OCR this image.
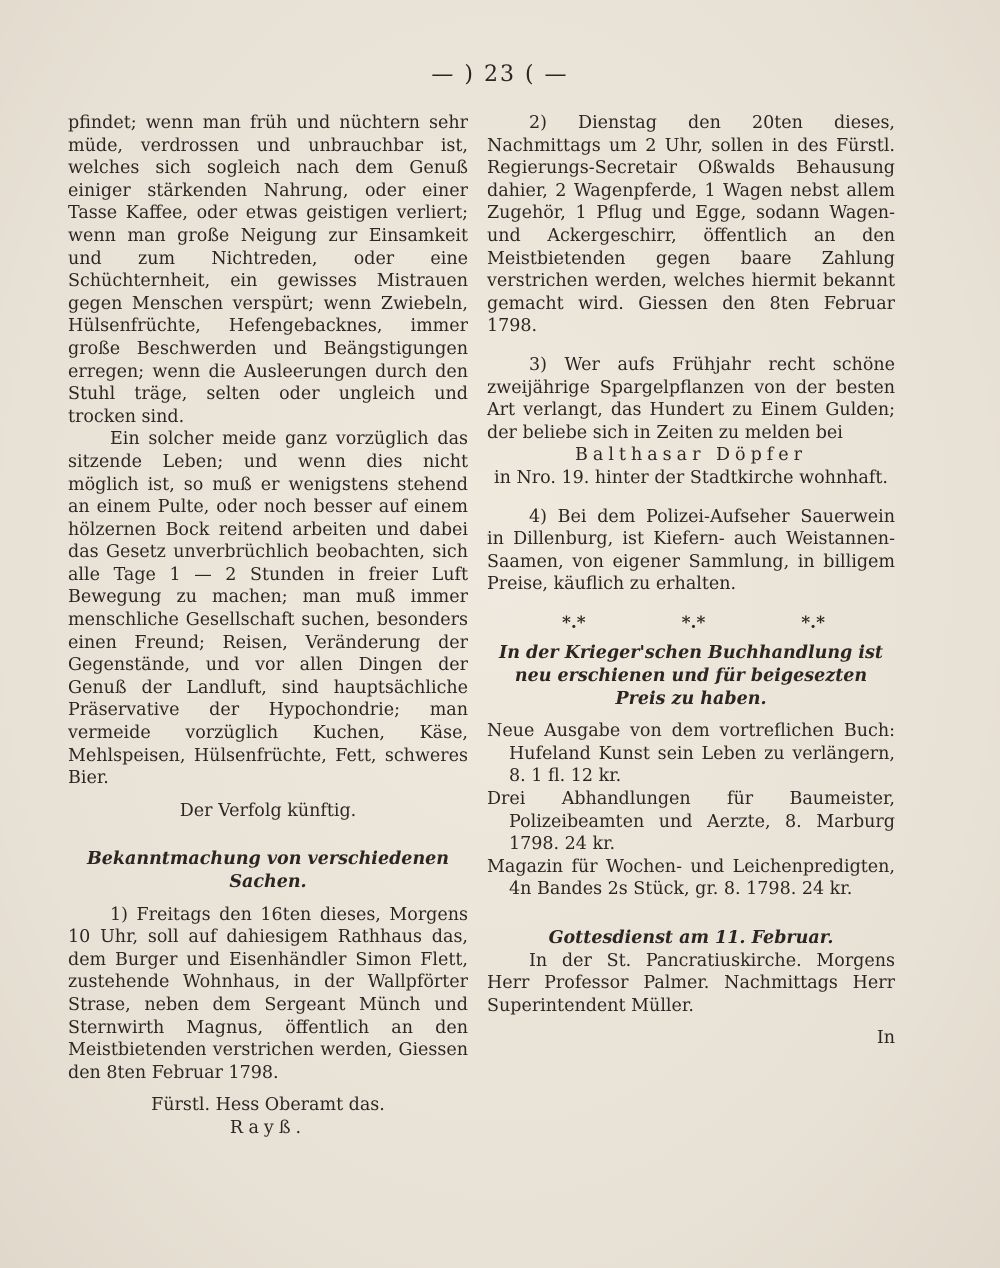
— ) 23 ( —

pfindet; wenn man früh und nüchtern sehr müde, verdrossen und unbrauchbar ist, welches sich sogleich nach dem Genuß einiger stärkenden Nahrung, oder einer Tasse Kaffee, oder etwas geistigen verliert; wenn man große Neigung zur Einsamkeit und zum Nichtreden, oder eine Schüchternheit, ein gewisses Mistrauen gegen Menschen verspürt; wenn Zwiebeln, Hülsenfrüchte, Hefengebacknes, immer große Beschwerden und Beängstigungen erregen; wenn die Ausleerungen durch den Stuhl träge, selten oder ungleich und trocken sind.

Ein solcher meide ganz vorzüglich das sitzende Leben; und wenn dies nicht möglich ist, so muß er wenigstens stehend an einem Pulte, oder noch besser auf einem hölzernen Bock reitend arbeiten und dabei das Gesetz unverbrüchlich beobachten, sich alle Tage 1 — 2 Stunden in freier Luft Bewegung zu machen; man muß immer menschliche Gesellschaft suchen, besonders einen Freund; Reisen, Veränderung der Gegenstände, und vor allen Dingen der Genuß der Landluft, sind hauptsächliche Präservative der Hypochondrie; man vermeide vorzüglich Kuchen, Käse, Mehlspeisen, Hülsenfrüchte, Fett, schweres Bier.

Der Verfolg künftig.

Bekanntmachung von verschiedenen Sachen.

1) Freitags den 16ten dieses, Morgens 10 Uhr, soll auf dahiesigem Rathhaus das, dem Burger und Eisenhändler Simon Flett, zustehende Wohnhaus, in der Wallpförter Strase, neben dem Sergeant Münch und Sternwirth Magnus, öffentlich an den Meistbietenden verstrichen werden, Giessen den 8ten Februar 1798.

Fürstl. Hess Oberamt das.

Rayß.

2) Dienstag den 20ten dieses, Nachmittags um 2 Uhr, sollen in des Fürstl. Regierungs-Secretair Oßwalds Behausung dahier, 2 Wagenpferde, 1 Wagen nebst allem Zugehör, 1 Pflug und Egge, sodann Wagen- und Ackergeschirr, öffentlich an den Meistbietenden gegen baare Zahlung verstrichen werden, welches hiermit bekannt gemacht wird. Giessen den 8ten Februar 1798.

3) Wer aufs Frühjahr recht schöne zweijährige Spargelpflanzen von der besten Art verlangt, das Hundert zu Einem Gulden; der beliebe sich in Zeiten zu melden bei

Balthasar Döpfer

in Nro. 19. hinter der Stadtkirche wohnhaft.

4) Bei dem Polizei-Aufseher Sauerwein in Dillenburg, ist Kiefern- auch Weistannen-Saamen, von eigener Sammlung, in billigem Preise, käuflich zu erhalten.

*.*	*.*	*.*

In der Krieger'schen Buchhandlung ist neu erschienen und für beigesezten Preis zu haben.

Neue Ausgabe von dem vortreflichen Buch: Hufeland Kunst sein Leben zu verlängern, 8. 1 fl. 12 kr.

Drei Abhandlungen für Baumeister, Polizeibeamten und Aerzte, 8. Marburg 1798. 24 kr.

Magazin für Wochen- und Leichenpredigten, 4n Bandes 2s Stück, gr. 8. 1798. 24 kr.

Gottesdienst am 11. Februar.

In der St. Pancratiuskirche. Morgens Herr Professor Palmer. Nachmittags Herr Superintendent Müller.

In
